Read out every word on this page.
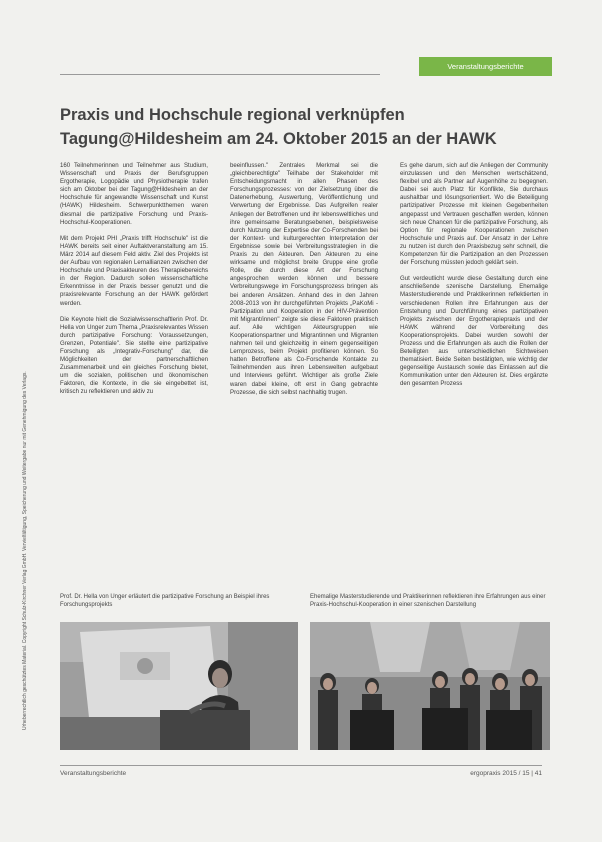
Veranstaltungsberichte
Urheberrechtlich geschütztes Material. Copyright Schulz-Kirchner Verlag GmbH. Vervielfältigung, Speicherung und Weitergabe nur mit Genehmigung des Verlags.
Praxis und Hochschule regional verknüpfen
Tagung@Hildesheim am 24. Oktober 2015 an der HAWK

160 Teilnehmerinnen und Teilnehmer aus Studium, Wissenschaft und Praxis der Berufsgruppen Ergotherapie, Logopädie und Physiotherapie trafen sich am Oktober bei der Tagung@Hildesheim an der Hochschule für angewandte Wissenschaft und Kunst (HAWK) Hildesheim. Schwerpunktthemen waren diesmal die partizipative Forschung und Praxis-Hochschul-Kooperationen.

Mit dem Projekt PHI „Praxis trifft Hochschule" ist die HAWK bereits seit einer Auftaktveranstaltung am 15. März 2014 auf diesem Feld aktiv. Ziel des Projekts ist der Aufbau von regionalen Lernallianzen zwischen der Hochschule und Praxisakteuren des Therapiebereichs in der Region. Dadurch sollen wissenschaftliche Erkenntnisse in der Praxis besser genutzt und die praxisrelevante Forschung an der HAWK gefördert werden.

Die Keynote hielt die Sozialwissenschaftlerin Prof. Dr. Hella von Unger zum Thema „Praxisrelevantes Wissen durch partizipative Forschung: Voraussetzungen, Grenzen, Potentiale". Sie stellte eine partizipative Forschung als „Integrativ-Forschung" dar, die Möglichkeiten der partnerschaftlichen Zusammenarbeit und ein gleiches Forschung bietet, um die sozialen, politischen und ökonomischen Faktoren, die Kontexte, in die sie eingebettet ist, kritisch zu reflektieren und aktiv zu

beeinflussen." Zentrales Merkmal sei die „gleichberechtigte" Teilhabe der Stakeholder mit Entscheidungsmacht in allen Phasen des Forschungsprozesses: von der Zielsetzung über die Datenerhebung, Auswertung, Veröffentlichung und Verwertung der Ergebnisse. Das Aufgreifen realer Anliegen der Betroffenen und ihr lebensweltliches und ihre gemeinsame Beratungsebenen, beispielsweise durch Nutzung der Expertise der Co-Forschenden bei der Kontext- und kulturgerechten Interpretation der Ergebnisse sowie bei Verbreitungsstrategien in die Praxis zu den Akteuren. Den Akteuren zu eine wirksame und möglichst breite Gruppe eine große Rolle, die durch diese Art der Forschung angesprochen werden können und bessere Verbreitungswege im Forschungsprozess bringen als bei anderen Ansätzen. Anhand des in den Jahren 2008-2013 von ihr durchgeführten Projekts „PaKoMi - Partizipation und Kooperation in der HIV-Prävention mit Migrant/innen" zeigte sie diese Faktoren praktisch auf. Alle wichtigen Akteursgruppen wie Kooperationspartner und Migrantinnen und Migranten nahmen teil und gleichzeitig in einem gegenseitigen Lernprozess, beim Projekt profitieren können. So hatten Betroffene als Co-Forschende Kontakte zu Teilnehmenden aus ihren Lebenswelten aufgebaut und Interviews geführt. Wichtiger als große Ziele waren dabei kleine, oft erst in Gang gebrachte Prozesse, die sich selbst nachhaltig trugen.

Es gehe darum, sich auf die Anliegen der Community einzulassen und den Menschen wertschätzend, flexibel und als Partner auf Augenhöhe zu begegnen. Dabei sei auch Platz für Konflikte, Sie durchaus aushaltbar und lösungsorientiert. Wo die Beteiligung partizipativer Prozesse mit kleinen Gegebenheiten angepasst und Vertrauen geschaffen werden, können sich neue Chancen für die partizipative Forschung, als Option für regionale Kooperationen zwischen Hochschule und Praxis auf. Der Ansatz in der Lehre zu nutzen ist durch den Praxisbezug sehr schnell, die Kompetenzen für die Partizipation an den Prozessen der Forschung müssten jedoch geklärt sein.

Gut verdeutlicht wurde diese Gestaltung durch eine anschließende szenische Darstellung. Ehemalige Masterstudierende und Praktikerinnen reflektierten in verschiedenen Rollen ihre Erfahrungen aus der Entstehung und Durchführung eines partizipativen Projekts zwischen der Ergotherapiepraxis und der HAWK während der Vorbereitung des Kooperationsprojekts. Dabei wurden sowohl der Prozess und die Erfahrungen als auch die Rollen der Beteiligten aus unterschiedlichen Sichtweisen thematisiert. Beide Seiten bestätigten, wie wichtig der gegenseitige Austausch sowie das Einlassen auf die Kommunikation unter den Akteuren ist. Dies ergänzte den gesamten Prozess

Prof. Dr. Hella von Unger erläutert die partizipative Forschung an Beispiel ihres Forschungsprojekts
Ehemalige Masterstudierende und Praktikerinnen reflektieren ihre Erfahrungen aus einer Praxis-Hochschul-Kooperation in einer szenischen Darstellung
Veranstaltungsberichte	ergopraxis 2015 / 15 | 41
